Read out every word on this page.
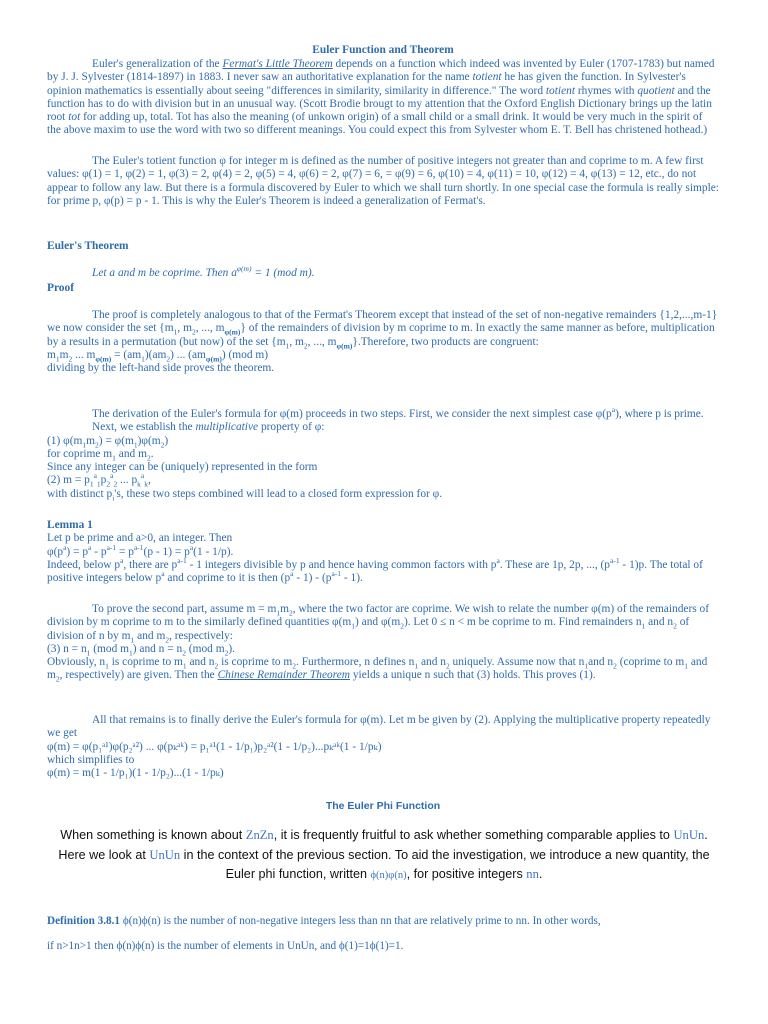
Euler Function and Theorem

Euler's generalization of the Fermat's Little Theorem depends on a function which indeed was invented by Euler (1707-1783) but named by J. J. Sylvester (1814-1897) in 1883. I never saw an authoritative explanation for the name totient he has given the function. In Sylvester's opinion mathematics is essentially about seeing "differences in similarity, similarity in difference." The word totient rhymes with quotient and the function has to do with division but in an unusual way. (Scott Brodie brougt to my attention that the Oxford English Dictionary brings up the latin root tot for adding up, total. Tot has also the meaning (of unkown origin) of a small child or a small drink. It would be very much in the spirit of the above maxim to use the word with two so different meanings. You could expect this from Sylvester whom E. T. Bell has christened hothead.)

The Euler's totient function φ for integer m is defined as the number of positive integers not greater than and coprime to m. A few first values: φ(1) = 1, φ(2) = 1, φ(3) = 2, φ(4) = 2, φ(5) = 4, φ(6) = 2, φ(7) = 6, = φ(9) = 6, φ(10) = 4, φ(11) = 10, φ(12) = 4, φ(13) = 12, etc., do not appear to follow any law. But there is a formula discovered by Euler to which we shall turn shortly. In one special case the formula is really simple: for prime p, φ(p) = p - 1. This is why the Euler's Theorem is indeed a generalization of Fermat's.

Euler's Theorem

Let a and m be coprime. Then $a^{\varphi(m)} = 1$ (mod m).

Proof

The proof is completely analogous to that of the Fermat's Theorem except that instead of the set of non-negative remainders {1,2,...,m-1} we now consider the set {$m_1$, $m_2$, ..., $m_{\varphi(m)}$} of the remainders of division by m coprime to m. In exactly the same manner as before, multiplication by a results in a permutation (but now) of the set {$m_1$, $m_2$, ..., $m_{\varphi(m)}\}.Therefore$, two products are congruent:

$m_1m_2$ ... $m_{\varphi(m)} = (am_1)(am_2)$ ... $(am_{\varphi(m)})$ (mod m)

dividing by the left-hand side proves the theorem.

The derivation of the Euler's formula for φ(m) proceeds in two steps. First, we consider the next simplest case $\varphi(p^a)$, where p is prime.

Next, we establish the multiplicative property of φ:

(1) $\varphi(m_1m_2) = \varphi(m_1)\varphi(m_2)$

for coprime $m_1$ and $m_2$.

Since any integer can be (uniquely) represented in the form

(2) $m = p_1^a_1p_2^a_2$ ... $p_k^a_k$,

with distinct $p_i's$, these two steps combined will lead to a closed form expression for φ.

Lemma 1

Let p be prime and a>0, an integer. Then

$\varphi(p^a) = p^a - p^{a-1} = p^{a-1}(p - 1) = p^a(1 - 1/p)$.

Indeed, below $p^a$, there are $p^{a-1} - 1$ integers divisible by p and hence having common factors with $p^a$. These are 1p, 2p, ..., $(p^{a-1} - 1)p$. The total of positive integers below $p^a$ and coprime to it is then $(p^a - 1) - (p^{a-1} - 1)$.

To prove the second part, assume $m = m_1m_2$, where the two factor are coprime. We wish to relate the number φ(m) of the remainders of division by m coprime to m to the similarly defined quantities $\varphi(m_1)$ and $\varphi(m_2)$. Let 0 ≤ n < m be coprime to m. Find remainders $n_1$ and $n_2$ of division of n by $m_1$ and $m_2$, respectively:

(3) $n = n_1$ (mod $m_1$) and $n = n_2$ (mod $m_2$).

Obviously, $n_1$ is coprime to $m_1$ and $n_2$ is coprime to $m_2$. Furthermore, n defines $n_1$ and $n_2$ uniquely. Assume now that $n_1and$ $n_2$ (coprime to $m_1$ and $m_2$, respectively) are given. Then the Chinese Remainder Theorem yields a unique n such that (3) holds. This proves (1).

All that remains is to finally derive the Euler's formula for φ(m). Let m be given by (2). Applying the multiplicative property repeatedly we get

φ(m) = φ(p₁ᵃ¹)φ(p₂ᵃ²) ... φ(pₖᵃᵏ) = p₁ᵃ¹(1 - 1/p₁)p₂ᵃ²(1 - 1/p₂)...pₖᵃᵏ(1 - 1/pₖ)

which simplifies to

φ(m) = m(1 - 1/p₁)(1 - 1/p₂)...(1 - 1/pₖ)

The Euler Phi Function

When something is known about ZnZn, it is frequently fruitful to ask whether something comparable applies to UnUn. Here we look at UnUn in the context of the previous section. To aid the investigation, we introduce a new quantity, the Euler phi function, written ϕ(n)φ(n), for positive integers nn.

Definition 3.8.1 ϕ(n)ϕ(n) is the number of non-negative integers less than nn that are relatively prime to nn. In other words,
if n>1n>1 then ϕ(n)ϕ(n) is the number of elements in UnUn, and ϕ(1)=1ϕ(1)=1.
